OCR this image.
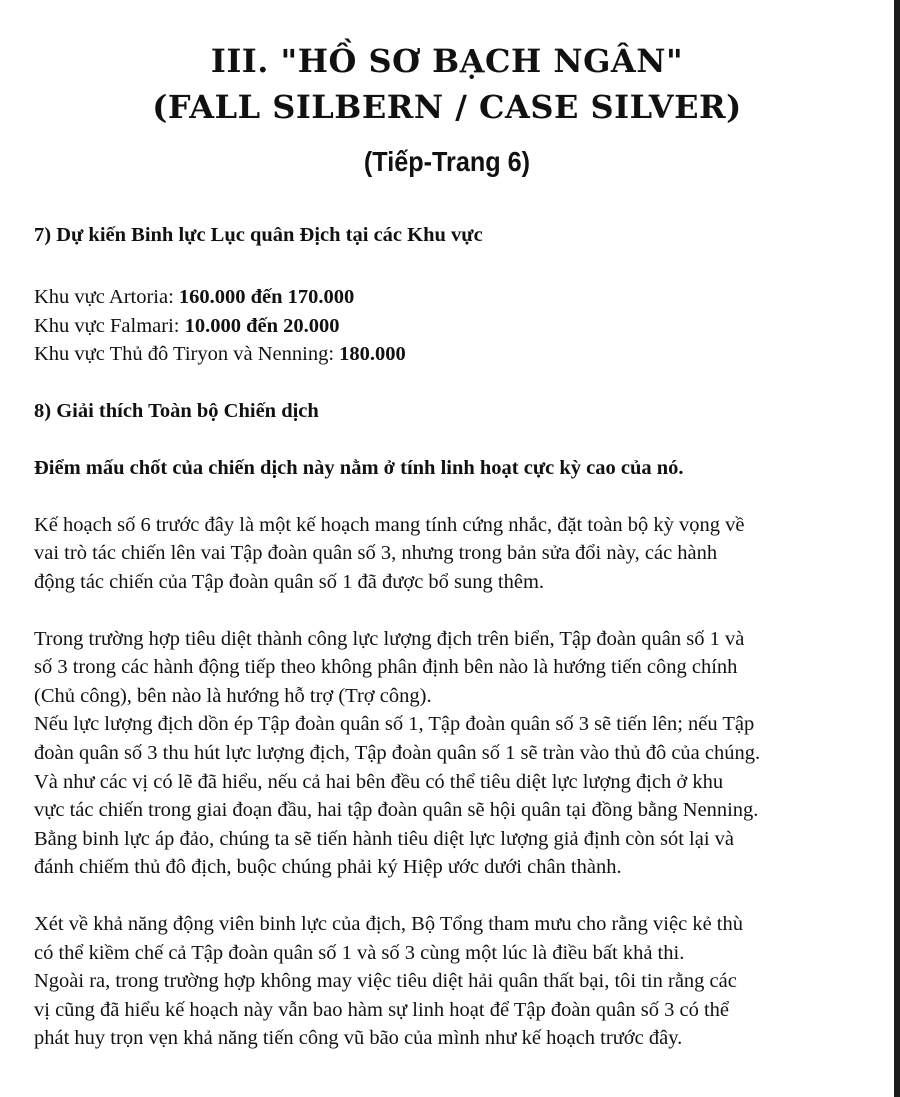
III. "HỒ SƠ BẠCH NGÂN"
(FALL SILBERN / CASE SILVER)
(Tiếp-Trang 6)

7) Dự kiến Binh lực Lục quân Địch tại các Khu vực

Khu vực Artoria: 160.000 đến 170.000

Khu vực Falmari: 10.000 đến 20.000

Khu vực Thủ đô Tiryon và Nenning: 180.000

8) Giải thích Toàn bộ Chiến dịch

Điểm mấu chốt của chiến dịch này nằm ở tính linh hoạt cực kỳ cao của nó.

Kế hoạch số 6 trước đây là một kế hoạch mang tính cứng nhắc, đặt toàn bộ kỳ vọng về

vai trò tác chiến lên vai Tập đoàn quân số 3, nhưng trong bản sửa đổi này, các hành

động tác chiến của Tập đoàn quân số 1 đã được bổ sung thêm.

Trong trường hợp tiêu diệt thành công lực lượng địch trên biển, Tập đoàn quân số 1 và

số 3 trong các hành động tiếp theo không phân định bên nào là hướng tiến công chính

(Chủ công), bên nào là hướng hỗ trợ (Trợ công).

Nếu lực lượng địch dồn ép Tập đoàn quân số 1, Tập đoàn quân số 3 sẽ tiến lên; nếu Tập

đoàn quân số 3 thu hút lực lượng địch, Tập đoàn quân số 1 sẽ tràn vào thủ đô của chúng.

Và như các vị có lẽ đã hiểu, nếu cả hai bên đều có thể tiêu diệt lực lượng địch ở khu

vực tác chiến trong giai đoạn đầu, hai tập đoàn quân sẽ hội quân tại đồng bằng Nenning.

Bằng binh lực áp đảo, chúng ta sẽ tiến hành tiêu diệt lực lượng giả định còn sót lại và

đánh chiếm thủ đô địch, buộc chúng phải ký Hiệp ước dưới chân thành.

Xét về khả năng động viên binh lực của địch, Bộ Tổng tham mưu cho rằng việc kẻ thù

có thể kiềm chế cả Tập đoàn quân số 1 và số 3 cùng một lúc là điều bất khả thi.

Ngoài ra, trong trường hợp không may việc tiêu diệt hải quân thất bại, tôi tin rằng các

vị cũng đã hiểu kế hoạch này vẫn bao hàm sự linh hoạt để Tập đoàn quân số 3 có thể

phát huy trọn vẹn khả năng tiến công vũ bão của mình như kế hoạch trước đây.
